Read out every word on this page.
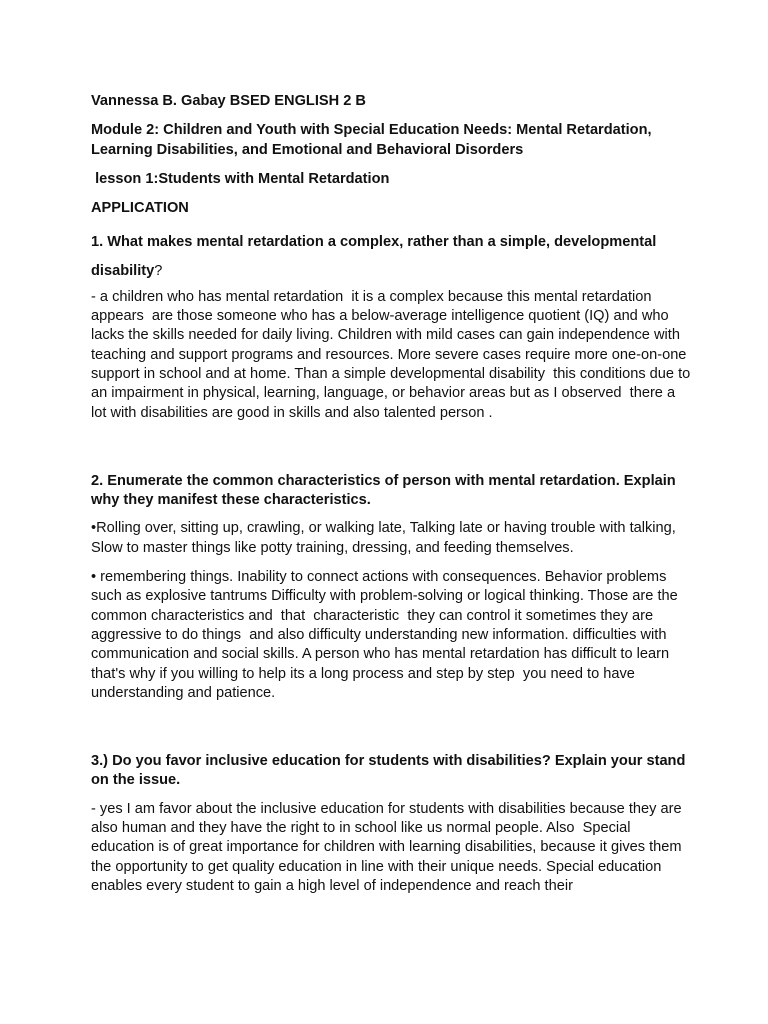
Vannessa B. Gabay BSED ENGLISH 2 B

Module 2: Children and Youth with Special Education Needs: Mental Retardation, Learning Disabilities, and Emotional and Behavioral Disorders

lesson 1:Students with Mental Retardation

APPLICATION

1. What makes mental retardation a complex, rather than a simple, developmental

disability?

- a children who has mental retardation  it is a complex because this mental retardation appears  are those someone who has a below-average intelligence quotient (IQ) and who lacks the skills needed for daily living. Children with mild cases can gain independence with teaching and support programs and resources. More severe cases require more one-on-one support in school and at home. Than a simple developmental disability  this conditions due to an impairment in physical, learning, language, or behavior areas but as I observed  there a lot with disabilities are good in skills and also talented person .

2. Enumerate the common characteristics of person with mental retardation. Explain why they manifest these characteristics.

•Rolling over, sitting up, crawling, or walking late, Talking late or having trouble with talking, Slow to master things like potty training, dressing, and feeding themselves.

• remembering things. Inability to connect actions with consequences. Behavior problems such as explosive tantrums Difficulty with problem-solving or logical thinking. Those are the common characteristics and  that  characteristic  they can control it sometimes they are aggressive to do things  and also difficulty understanding new information. difficulties with communication and social skills. A person who has mental retardation has difficult to learn that's why if you willing to help its a long process and step by step  you need to have understanding and patience.

3.) Do you favor inclusive education for students with disabilities? Explain your stand on the issue.

- yes I am favor about the inclusive education for students with disabilities because they are also human and they have the right to in school like us normal people. Also  Special education is of great importance for children with learning disabilities, because it gives them the opportunity to get quality education in line with their unique needs. Special education enables every student to gain a high level of independence and reach their
